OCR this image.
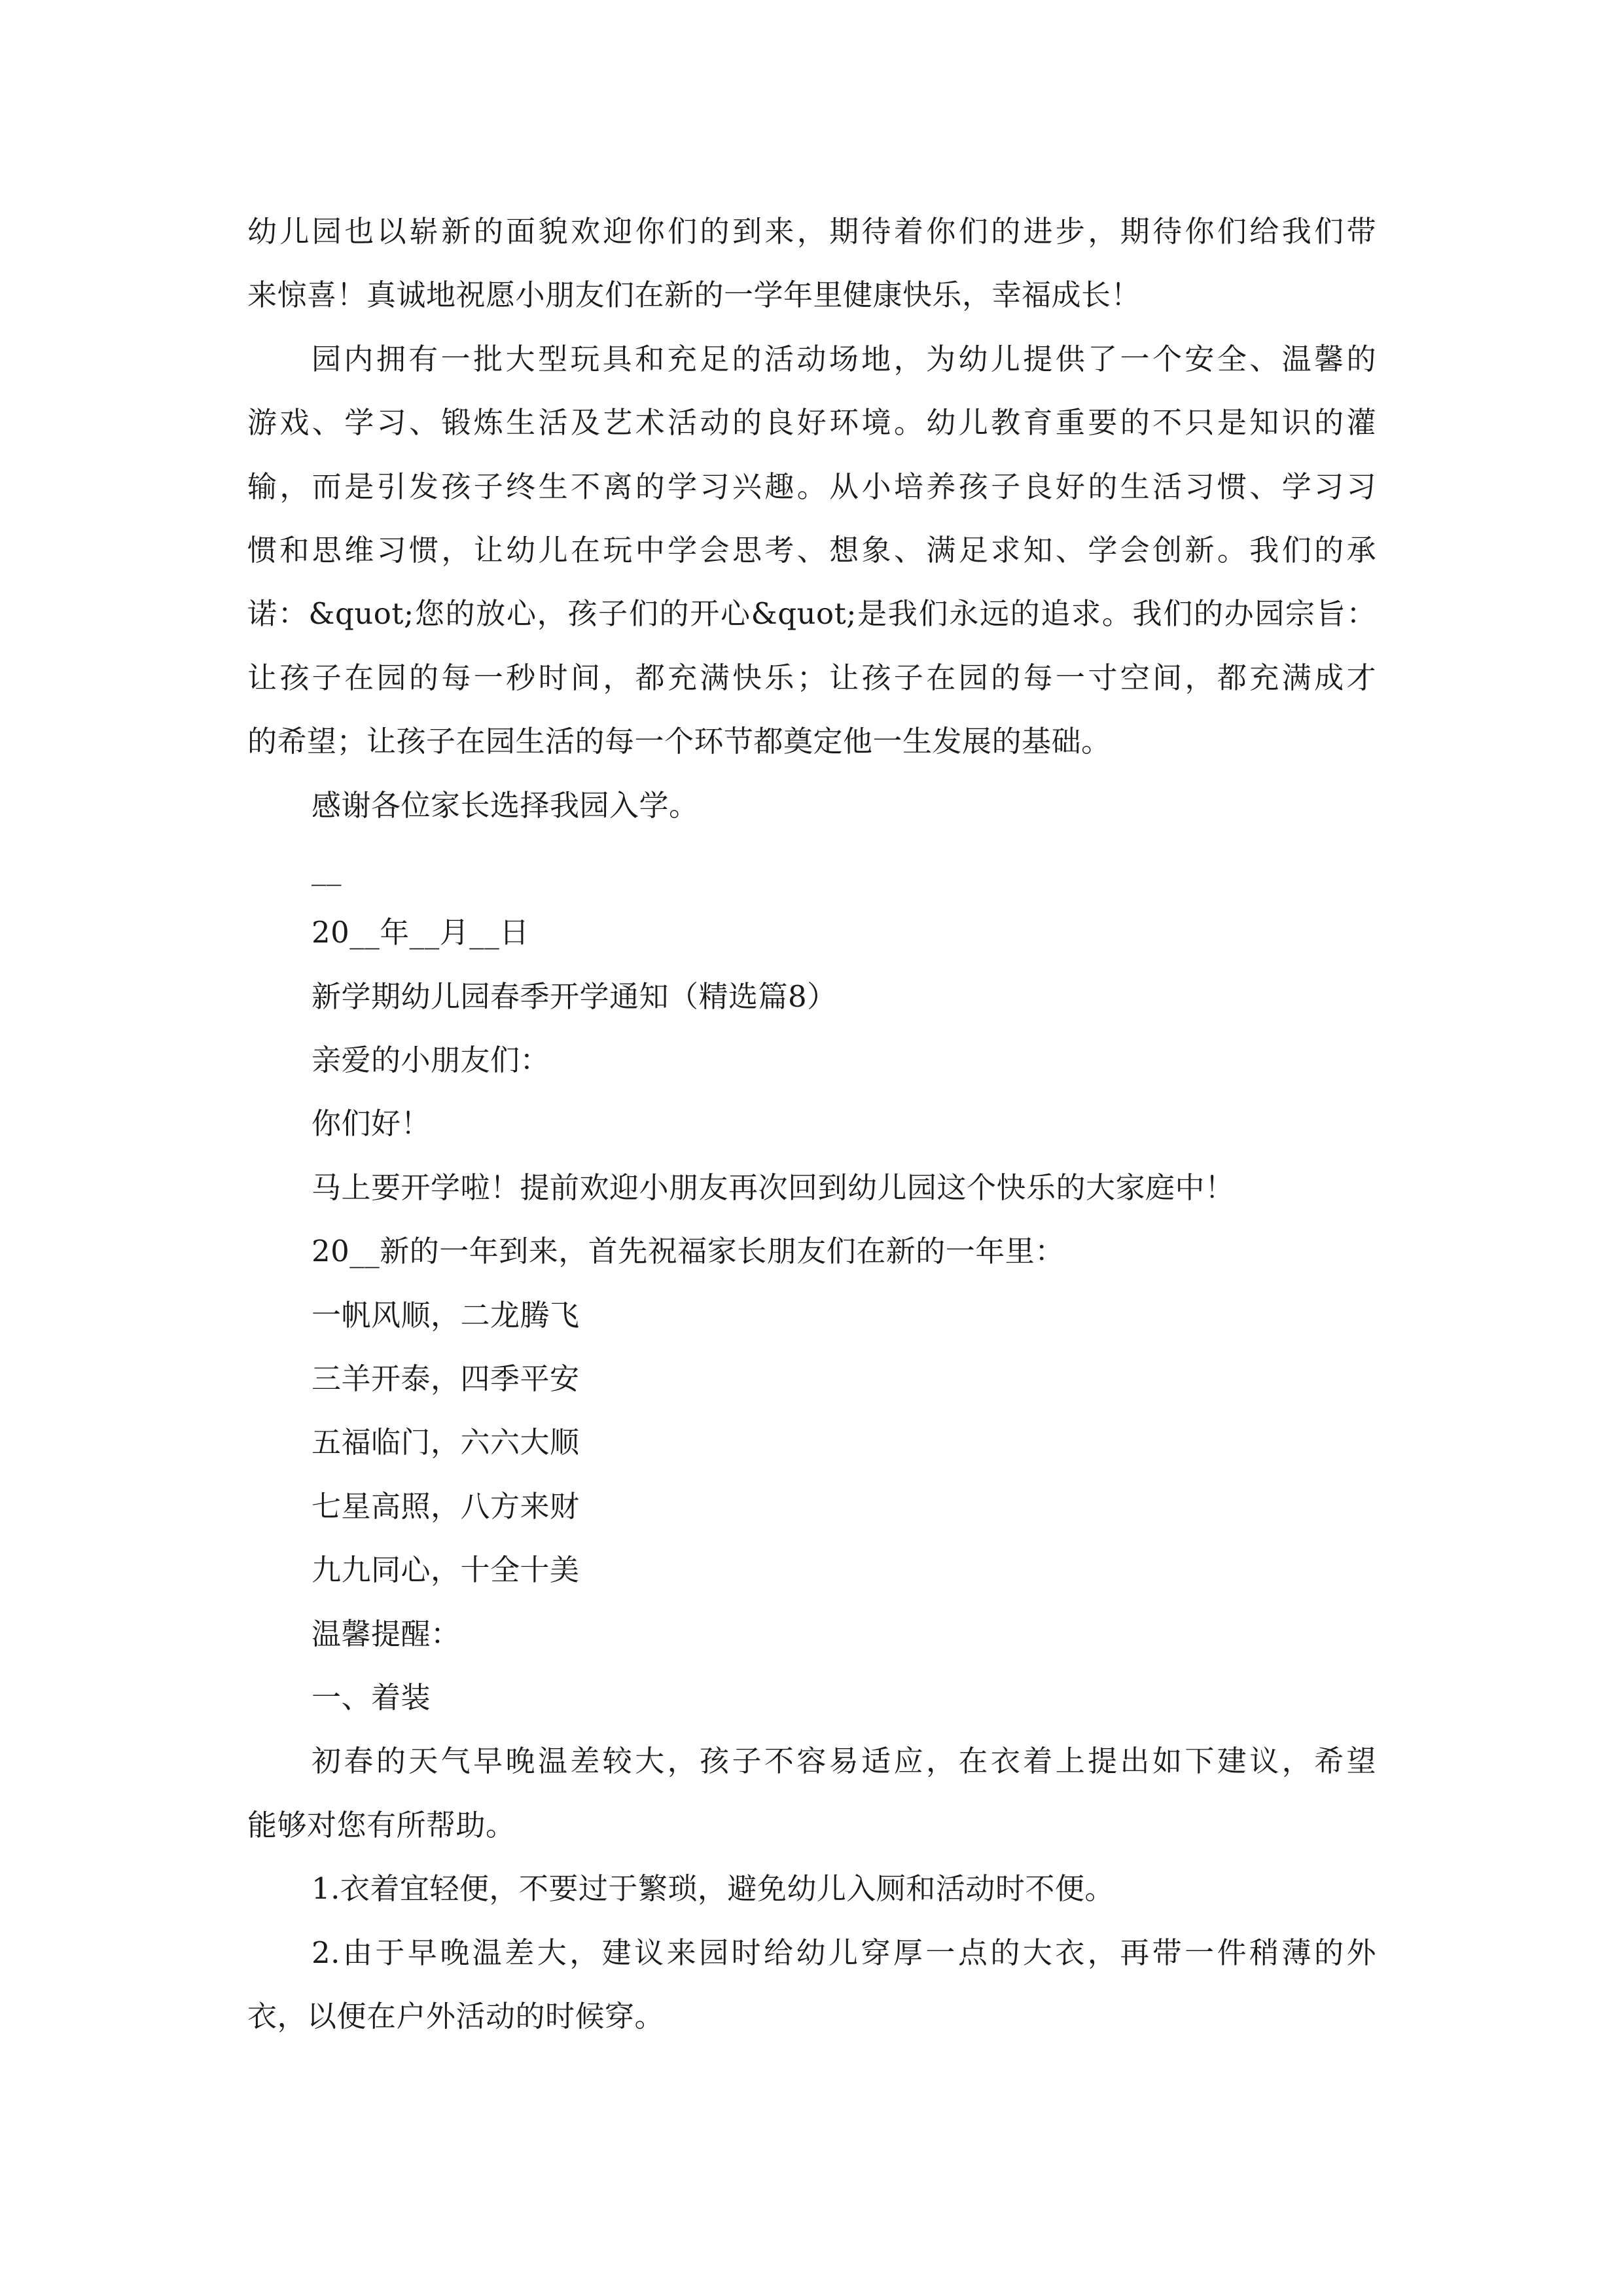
幼儿园也以崭新的面貌欢迎你们的到来，期待着你们的进步，期待你们给我们带
来惊喜！真诚地祝愿小朋友们在新的一学年里健康快乐，幸福成长！
园内拥有一批大型玩具和充足的活动场地，为幼儿提供了一个安全、温馨的
游戏、学习、锻炼生活及艺术活动的良好环境。幼儿教育重要的不只是知识的灌
输，而是引发孩子终生不离的学习兴趣。从小培养孩子良好的生活习惯、学习习
惯和思维习惯，让幼儿在玩中学会思考、想象、满足求知、学会创新。我们的承
诺：&quot;您的放心，孩子们的开心&quot;是我们永远的追求。我们的办园宗旨：
让孩子在园的每一秒时间，都充满快乐；让孩子在园的每一寸空间，都充满成才
的希望；让孩子在园生活的每一个环节都奠定他一生发展的基础。
感谢各位家长选择我园入学。
__
20__年__月__日
新学期幼儿园春季开学通知（精选篇8）
亲爱的小朋友们：
你们好！
马上要开学啦！提前欢迎小朋友再次回到幼儿园这个快乐的大家庭中！
20__新的一年到来，首先祝福家长朋友们在新的一年里：
一帆风顺，二龙腾飞
三羊开泰，四季平安
五福临门，六六大顺
七星高照，八方来财
九九同心，十全十美
温馨提醒：
一、着装
初春的天气早晚温差较大，孩子不容易适应，在衣着上提出如下建议，希望
能够对您有所帮助。
1.衣着宜轻便，不要过于繁琐，避免幼儿入厕和活动时不便。
2.由于早晚温差大，建议来园时给幼儿穿厚一点的大衣，再带一件稍薄的外
衣，以便在户外活动的时候穿。
